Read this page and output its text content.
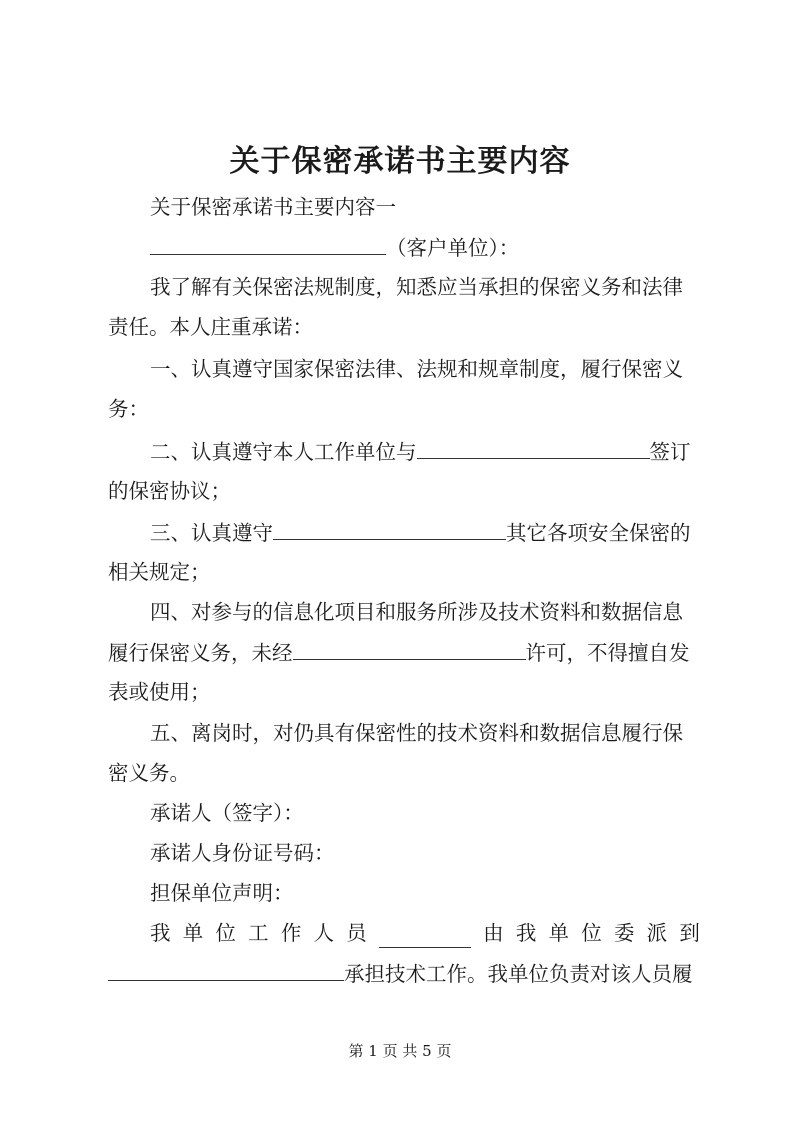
关于保密承诺书主要内容
关于保密承诺书主要内容一
（客户单位）：
我了解有关保密法规制度，知悉应当承担的保密义务和法律
责任。本人庄重承诺：
一、认真遵守国家保密法律、法规和规章制度，履行保密义
务：
二、认真遵守本人工作单位与	签订
的保密协议；
三、认真遵守	其它各项安全保密的
相关规定；
四、对参与的信息化项目和服务所涉及技术资料和数据信息
履行保密义务，未经	许可，不得擅自发
表或使用；
五、离岗时，对仍具有保密性的技术资料和数据信息履行保
密义务。
承诺人（签字）：
承诺人身份证号码：
担保单位声明：
我 单 位 工 作 人 员	由 我 单 位 委 派 到
承担技术工作。我单位负责对该人员履
第 1 页 共 5 页
